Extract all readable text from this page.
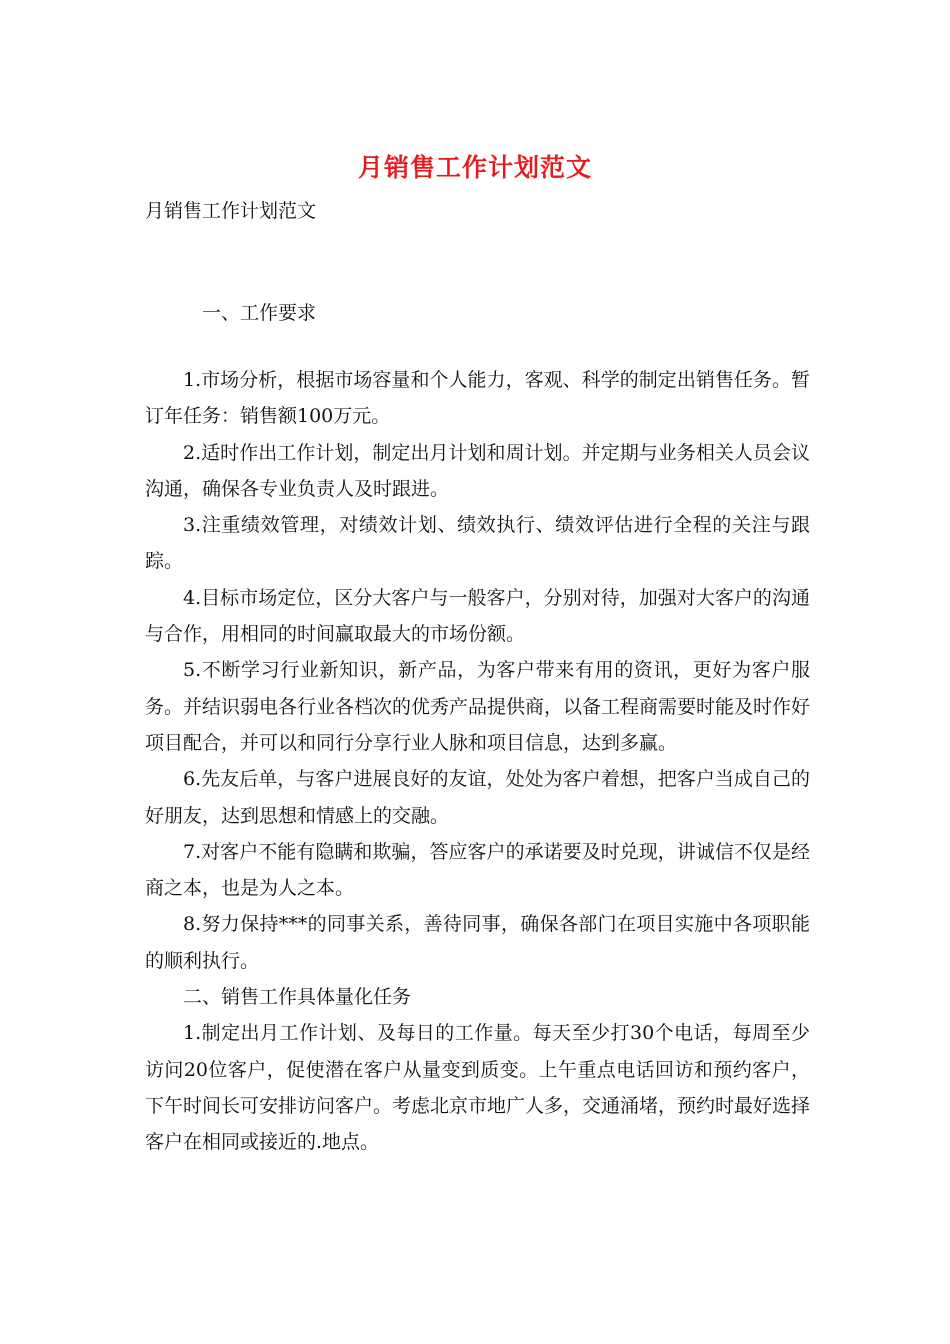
月销售工作计划范文
月销售工作计划范文
一、工作要求

1.市场分析，根据市场容量和个人能力，客观、科学的制定出销售任务。暂订年任务：销售额100万元。

2.适时作出工作计划，制定出月计划和周计划。并定期与业务相关人员会议沟通，确保各专业负责人及时跟进。

3.注重绩效管理，对绩效计划、绩效执行、绩效评估进行全程的关注与跟踪。

4.目标市场定位，区分大客户与一般客户，分别对待，加强对大客户的沟通与合作，用相同的时间赢取最大的市场份额。

5.不断学习行业新知识，新产品，为客户带来有用的资讯，更好为客户服务。并结识弱电各行业各档次的优秀产品提供商，以备工程商需要时能及时作好项目配合，并可以和同行分享行业人脉和项目信息，达到多赢。

6.先友后单，与客户进展良好的友谊，处处为客户着想，把客户当成自己的好朋友，达到思想和情感上的交融。

7.对客户不能有隐瞒和欺骗，答应客户的承诺要及时兑现，讲诚信不仅是经商之本，也是为人之本。

8.努力保持***的同事关系，善待同事，确保各部门在项目实施中各项职能的顺利执行。

二、销售工作具体量化任务

1.制定出月工作计划、及每日的工作量。每天至少打30个电话，每周至少访问20位客户，促使潜在客户从量变到质变。上午重点电话回访和预约客户，下午时间长可安排访问客户。考虑北京市地广人多，交通涌堵，预约时最好选择客户在相同或接近的.地点。
